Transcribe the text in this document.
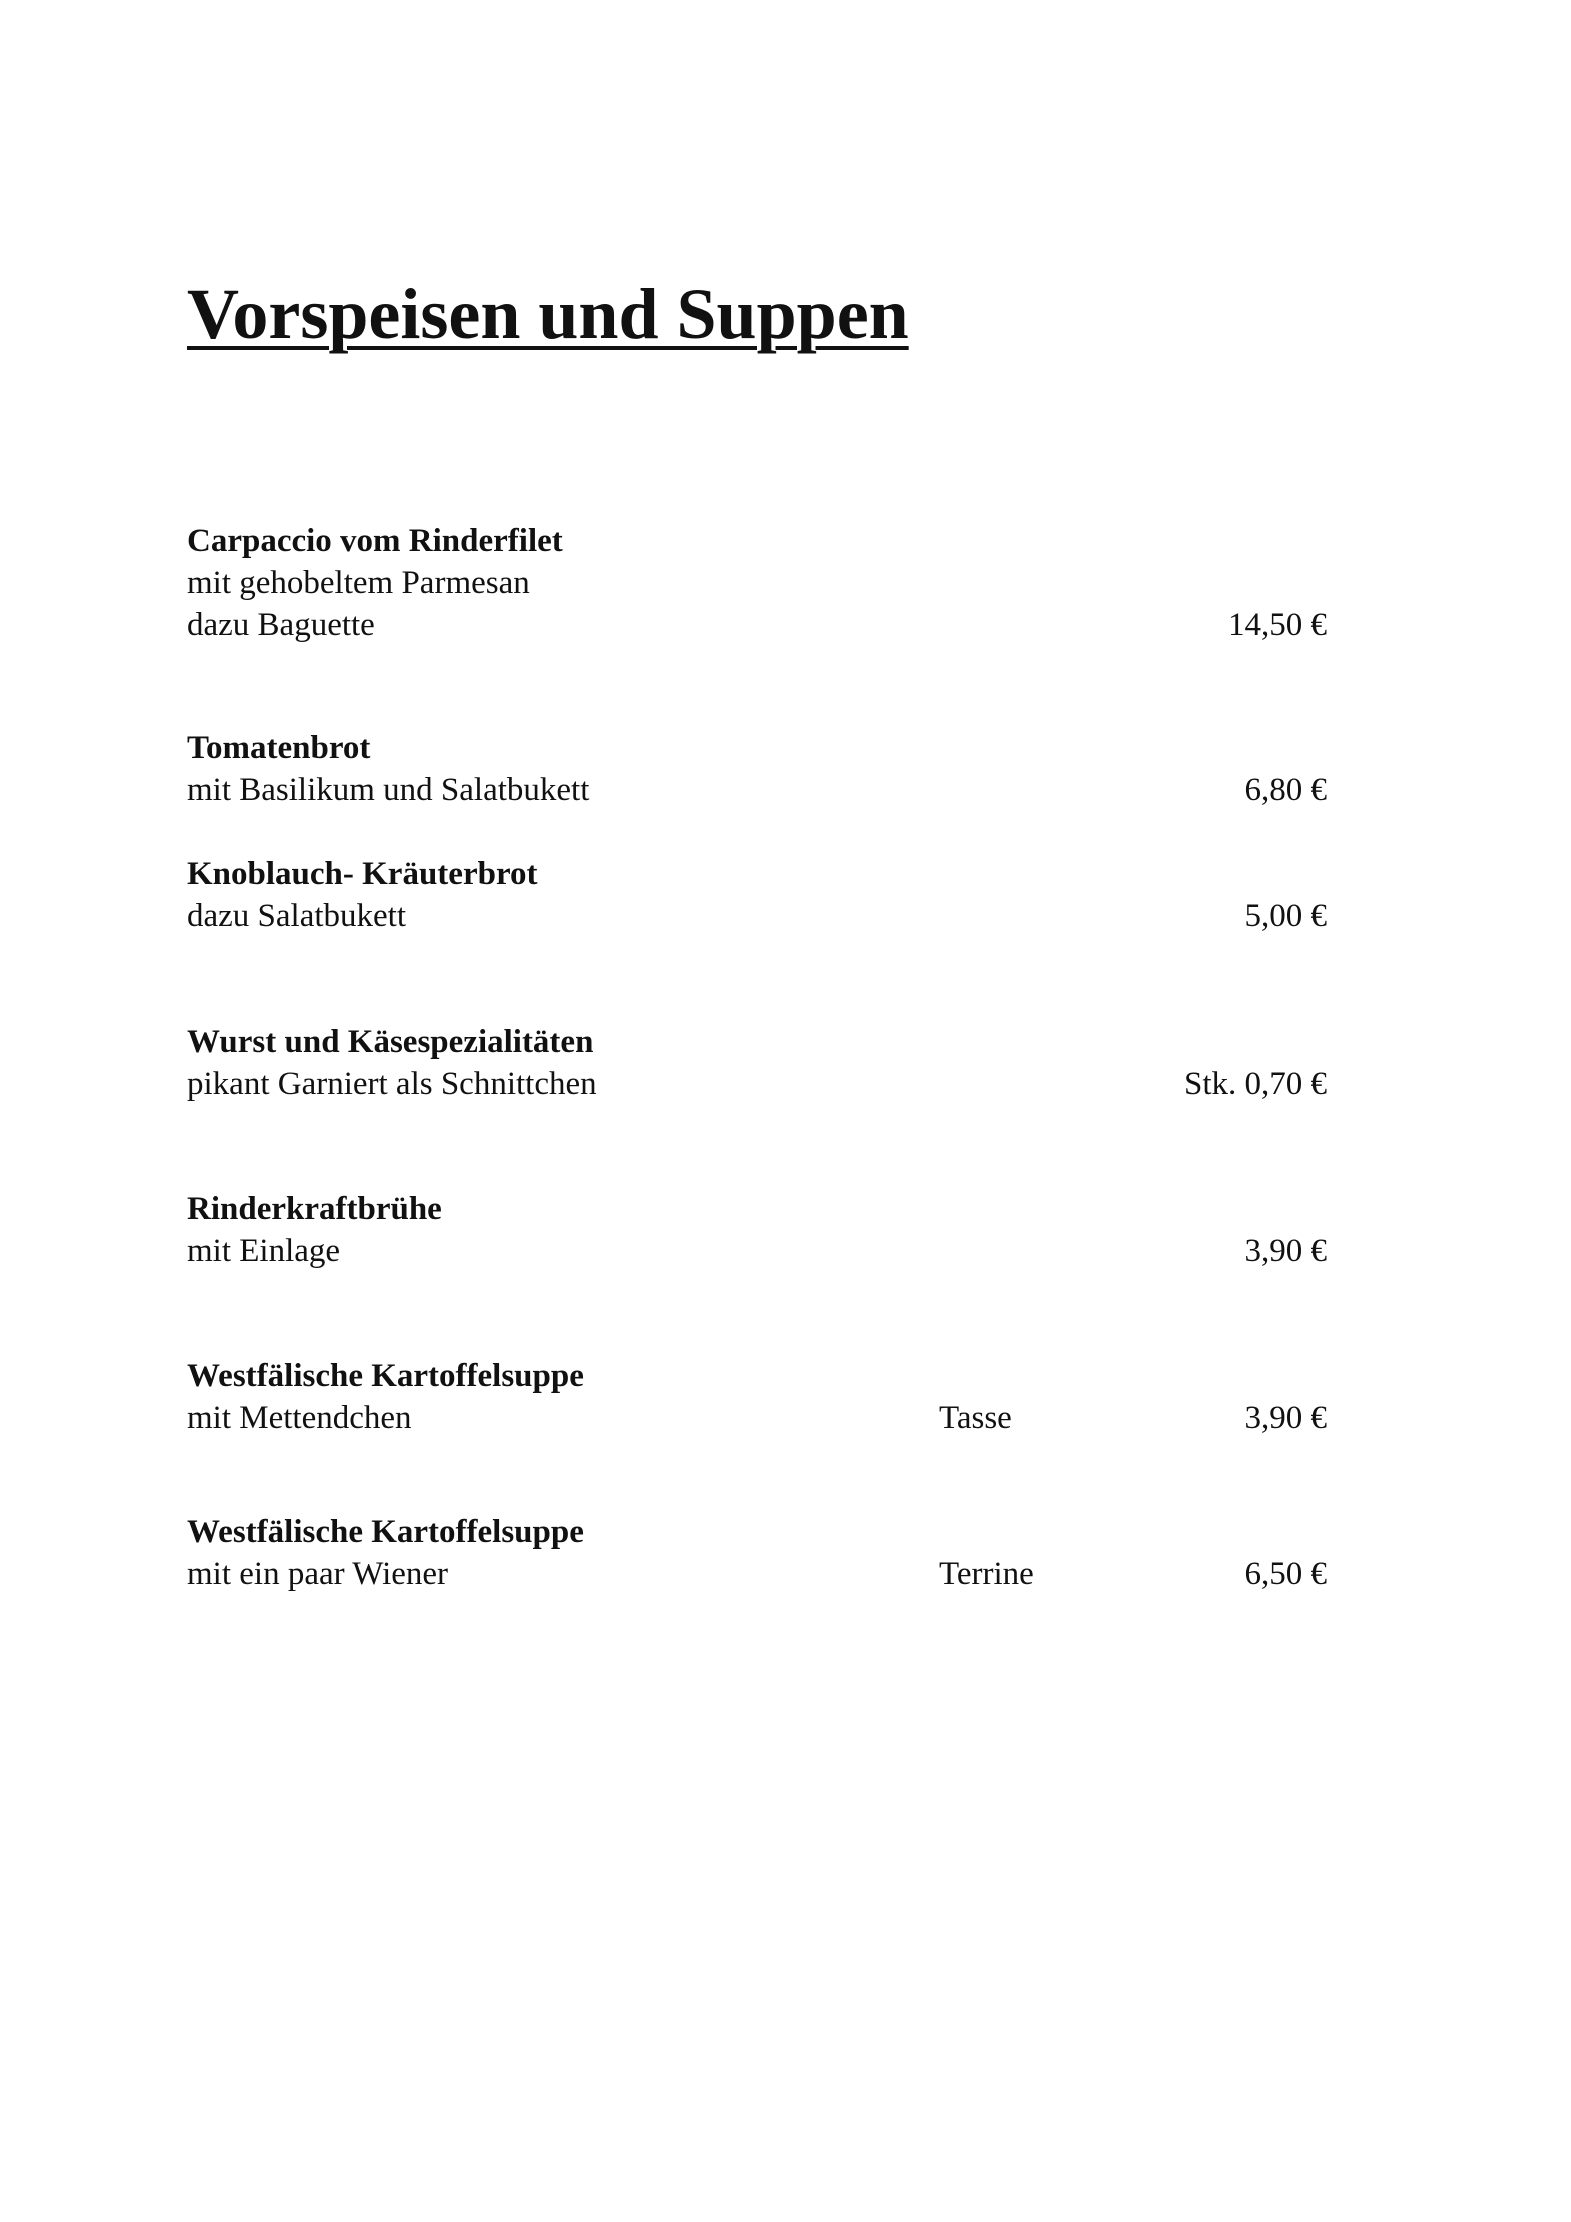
Vorspeisen und Suppen
Carpaccio vom Rinderfilet
mit gehobeltem Parmesan
dazu Baguette	14,50 €
Tomatenbrot
mit Basilikum und Salatbukett	6,80 €
Knoblauch- Kräuterbrot
dazu Salatbukett	5,00 €
Wurst und Käsespezialitäten
pikant Garniert als Schnittchen	Stk. 0,70 €
Rinderkraftbrühe
mit Einlage	3,90 €
Westfälische Kartoffelsuppe
mit Mettendchen	Tasse	3,90 €
Westfälische Kartoffelsuppe
mit ein paar Wiener	Terrine	6,50 €
